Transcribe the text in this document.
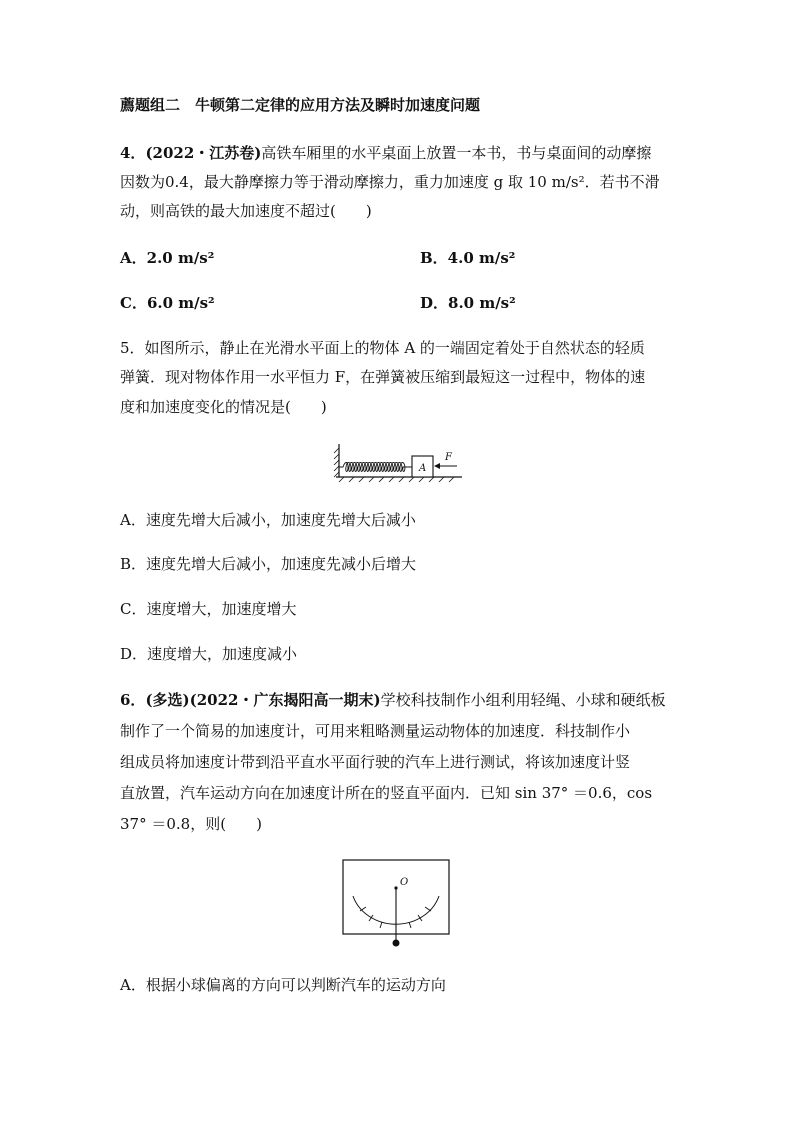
薦题组二　牛顿第二定律的应用方法及瞬时加速度问题
4．(2022・江苏卷)高铁车厢里的水平桌面上放置一本书，书与桌面间的动摩擦
因数为0.4，最大静摩擦力等于滑动摩擦力，重力加速度 g 取 10 m/s²．若书不滑
动，则高铁的最大加速度不超过(　　)
A．2.0 m/s²	B．4.0 m/s²
C．6.0 m/s²	D．8.0 m/s²
5．如图所示，静止在光滑水平面上的物体 A 的一端固定着处于自然状态的轻质
弹簧．现对物体作用一水平恒力 F，在弹簧被压缩到最短这一过程中，物体的速
度和加速度变化的情况是(　　)
A
F
A．速度先增大后减小，加速度先增大后减小
B．速度先增大后减小，加速度先减小后增大
C．速度增大，加速度增大
D．速度增大，加速度减小
6．(多选)(2022・广东揭阳高一期末)学校科技制作小组利用轻绳、小球和硬纸板
制作了一个简易的加速度计，可用来粗略测量运动物体的加速度．科技制作小
组成员将加速度计带到沿平直水平面行驶的汽车上进行测试，将该加速度计竖
直放置，汽车运动方向在加速度计所在的竖直平面内．已知 sin 37° ＝0.6，cos
37° ＝0.8，则(　　)
O
A．根据小球偏离的方向可以判断汽车的运动方向
